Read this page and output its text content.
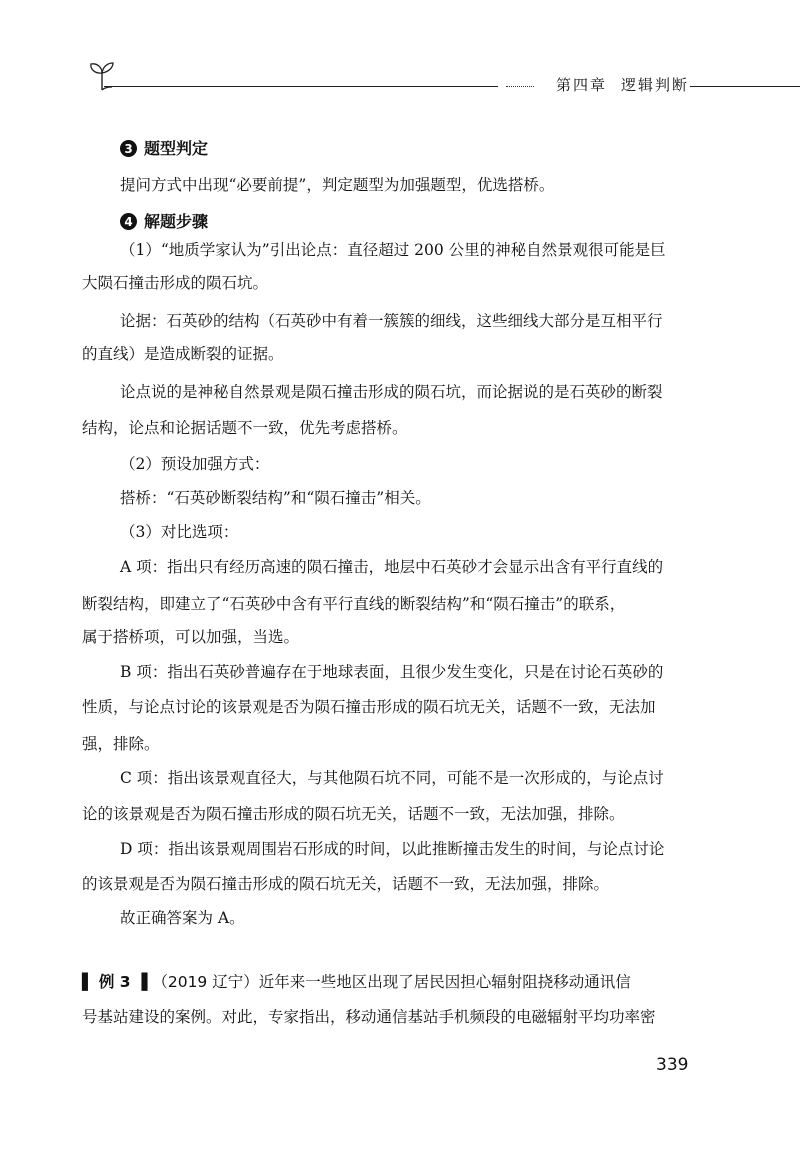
第四章 逻辑判断
3 题型判定
提问方式中出现“必要前提”，判定题型为加强题型，优选搭桥。
4 解题步骤
（1）“地质学家认为”引出论点：直径超过 200 公里的神秘自然景观很可能是巨
大陨石撞击形成的陨石坑。
论据：石英砂的结构（石英砂中有着一簇簇的细线，这些细线大部分是互相平行
的直线）是造成断裂的证据。
论点说的是神秘自然景观是陨石撞击形成的陨石坑，而论据说的是石英砂的断裂
结构，论点和论据话题不一致，优先考虑搭桥。
（2）预设加强方式：
搭桥：“石英砂断裂结构”和“陨石撞击”相关。
（3）对比选项：
A 项：指出只有经历高速的陨石撞击，地层中石英砂才会显示出含有平行直线的
断裂结构，即建立了“石英砂中含有平行直线的断裂结构”和“陨石撞击”的联系，
属于搭桥项，可以加强，当选。
B 项：指出石英砂普遍存在于地球表面，且很少发生变化，只是在讨论石英砂的
性质，与论点讨论的该景观是否为陨石撞击形成的陨石坑无关，话题不一致，无法加
强，排除。
C 项：指出该景观直径大，与其他陨石坑不同，可能不是一次形成的，与论点讨
论的该景观是否为陨石撞击形成的陨石坑无关，话题不一致，无法加强，排除。
D 项：指出该景观周围岩石形成的时间，以此推断撞击发生的时间，与论点讨论
的该景观是否为陨石撞击形成的陨石坑无关，话题不一致，无法加强，排除。
故正确答案为 A。
▌ 例 3 ▐ （2019 辽宁）近年来一些地区出现了居民因担心辐射阻挠移动通讯信
号基站建设的案例。对此，专家指出，移动通信基站手机频段的电磁辐射平均功率密
339
